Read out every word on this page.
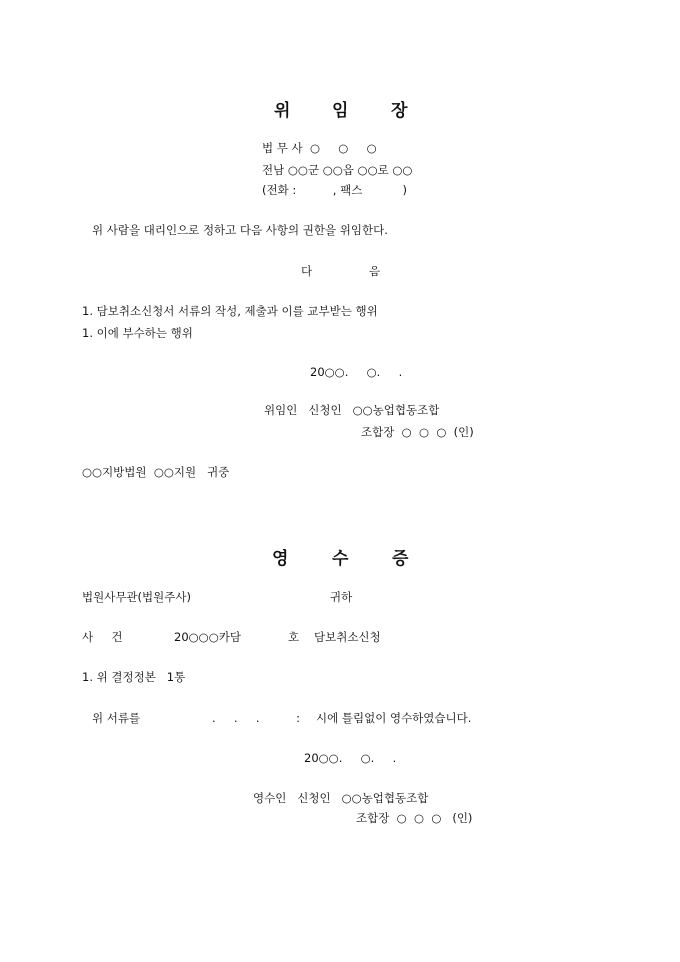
위 임	장
법 무 사  ○     ○     ○
전남 ○○군 ○○읍 ○○로 ○○
(전화 :          , 팩스           )
위 사람을 대리인으로 정하고 다음 사항의 권한을 위임한다.
다	음
1. 담보취소신청서 서류의 작성, 제출과 이를 교부받는 행위
1. 이에 부수하는 행위
20○○.     ○.     .
위임인   신청인   ○○농업협동조합
조합장  ○  ○  ○  (인)
○○지방법원  ○○지원   귀중
영	수	증
법원사무관(법원주사)	귀하
사     건	20○○○카담	호 담보취소신청
1. 위 결정정본   1통
위 서류를	.     .     .          : 시에 틀림없이 영수하였습니다.
20○○.     ○.     .
영수인   신청인   ○○농업협동조합
조합장  ○  ○  ○   (인)
